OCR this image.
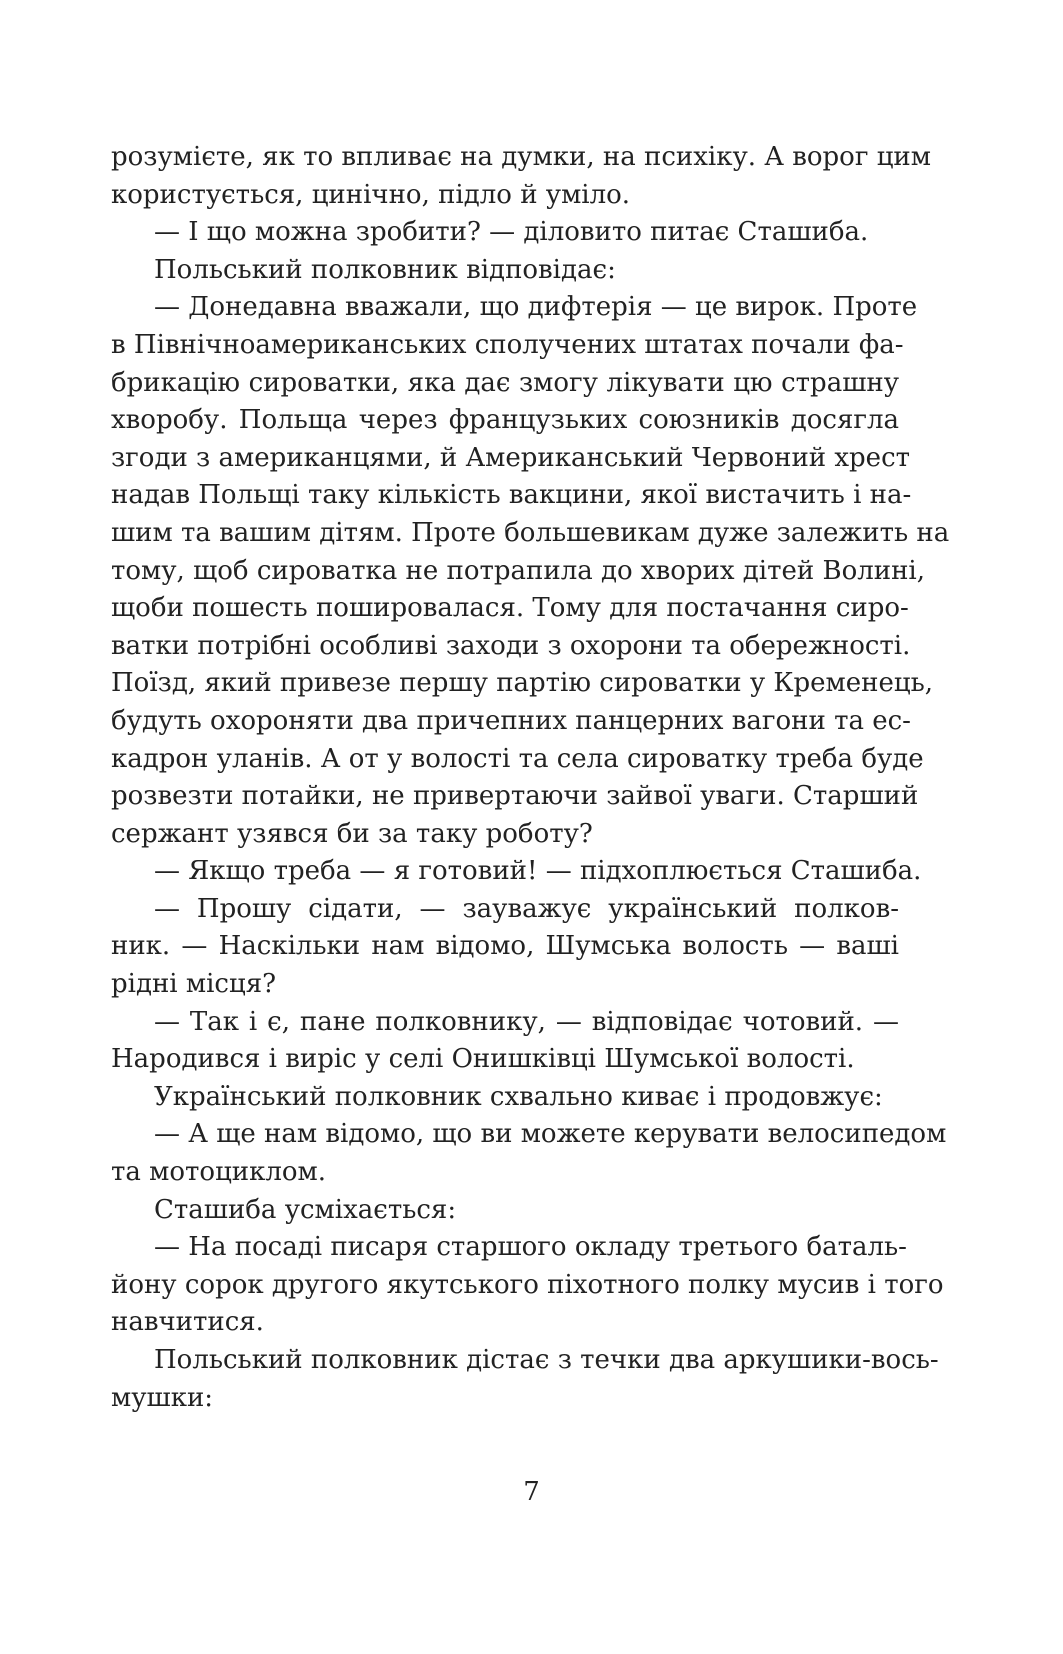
розумієте, як то впливає на думки, на психіку. А ворог цим
користується, цинічно, підло й уміло.
— І що можна зробити? — діловито питає Сташиба.
Польський полковник відповідає:
— Донедавна вважали, що дифтерія — це вирок. Проте
в Північноамериканських сполучених штатах почали фа-
брикацію сироватки, яка дає змогу лікувати цю страшну
хворобу. Польща через французьких союзників досягла
згоди з американцями, й Американський Червоний хрест
надав Польщі таку кількість вакцини, якої вистачить і на-
шим та вашим дітям. Проте большевикам дуже залежить на
тому, щоб сироватка не потрапила до хворих дітей Волині,
щоби пошесть пошировалася. Тому для постачання сиро-
ватки потрібні особливі заходи з охорони та обережності.
Поїзд, який привезе першу партію сироватки у Кременець,
будуть охороняти два причепних панцерних вагони та ес-
кадрон уланів. А от у волості та села сироватку треба буде
розвезти потайки, не привертаючи зайвої уваги. Старший
сержант узявся би за таку роботу?
— Якщо треба — я готовий! — підхоплюється Сташиба.
— Прошу сідати, — зауважує український полков-
ник. — Наскільки нам відомо, Шумська волость — ваші
рідні місця?
— Так і є, пане полковнику, — відповідає чотовий. —
Народився і виріс у селі Онишківці Шумської волості.
Український полковник схвально киває і продовжує:
— А ще нам відомо, що ви можете керувати велосипедом
та мотоциклом.
Сташиба усміхається:
— На посаді писаря старшого окладу третього баталь-
йону сорок другого якутського піхотного полку мусив і того
навчитися.
Польський полковник дістає з течки два аркушики-вось-
мушки:
7
